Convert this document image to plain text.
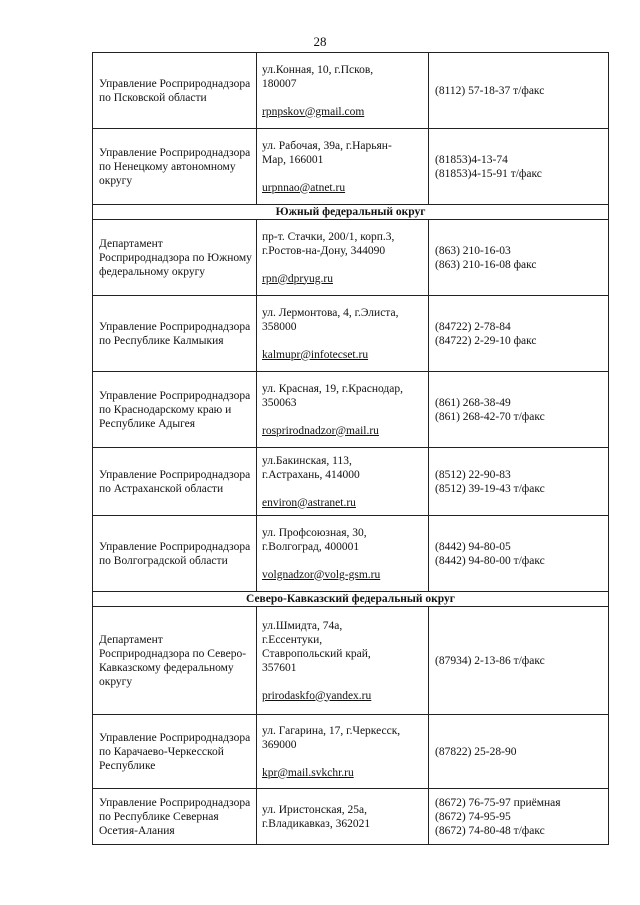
28
Управление Росприроднадзора по Псковской области	ул.Конная, 10, г.Псков,
180007
rpnpskov@gmail.com	(8112) 57-18-37 т/факс

Управление Росприроднадзора по Ненецкому автономному округу	ул. Рабочая, 39а, г.Нарьян-
Мар, 166001
urpnnao@atnet.ru	(81853)4-13-74
(81853)4-15-91 т/факс

Южный федеральный округ		
Департамент Росприроднадзора по Южному федеральному округу	пр-т. Стачки, 200/1, корп.3,
г.Ростов-на-Дону, 344090
rpn@dpryug.ru	(863) 210-16-03
(863) 210-16-08 факс

Управление Росприроднадзора по Республике Калмыкия	ул. Лермонтова, 4, г.Элиста,
358000
kalmupr@infotecset.ru	(84722) 2-78-84
(84722) 2-29-10 факс

Управление Росприроднадзора по Краснодарскому краю и Республике Адыгея	ул. Красная, 19, г.Краснодар,
350063
rosprirodnadzor@mail.ru	(861) 268-38-49
(861) 268-42-70 т/факс

Управление Росприроднадзора по Астраханской области	ул.Бакинская, 113,
г.Астрахань, 414000
environ@astranet.ru	(8512) 22-90-83
(8512) 39-19-43 т/факс

Управление Росприроднадзора по Волгоградской области	ул. Профсоюзная, 30,
г.Волгоград, 400001
volgnadzor@volg-gsm.ru	(8442) 94-80-05
(8442) 94-80-00 т/факс

Северо-Кавказский федеральный округ		
Департамент Росприроднадзора по Северо-Кавказскому федеральному округу	ул.Шмидта, 74а,
г.Ессентуки,
Ставропольский край,
357601
prirodaskfo@yandex.ru	(87934) 2-13-86 т/факс

Управление Росприроднадзора по Карачаево-Черкесской Республике	ул. Гагарина, 17, г.Черкесск,
369000
kpr@mail.svkchr.ru	(87822) 25-28-90

Управление Росприроднадзора по Республике Северная Осетия-Алания	ул. Иристонская, 25а,
г.Владикавказ, 362021	(8672) 76-75-97 приёмная
(8672) 74-95-95
(8672) 74-80-48 т/факс
